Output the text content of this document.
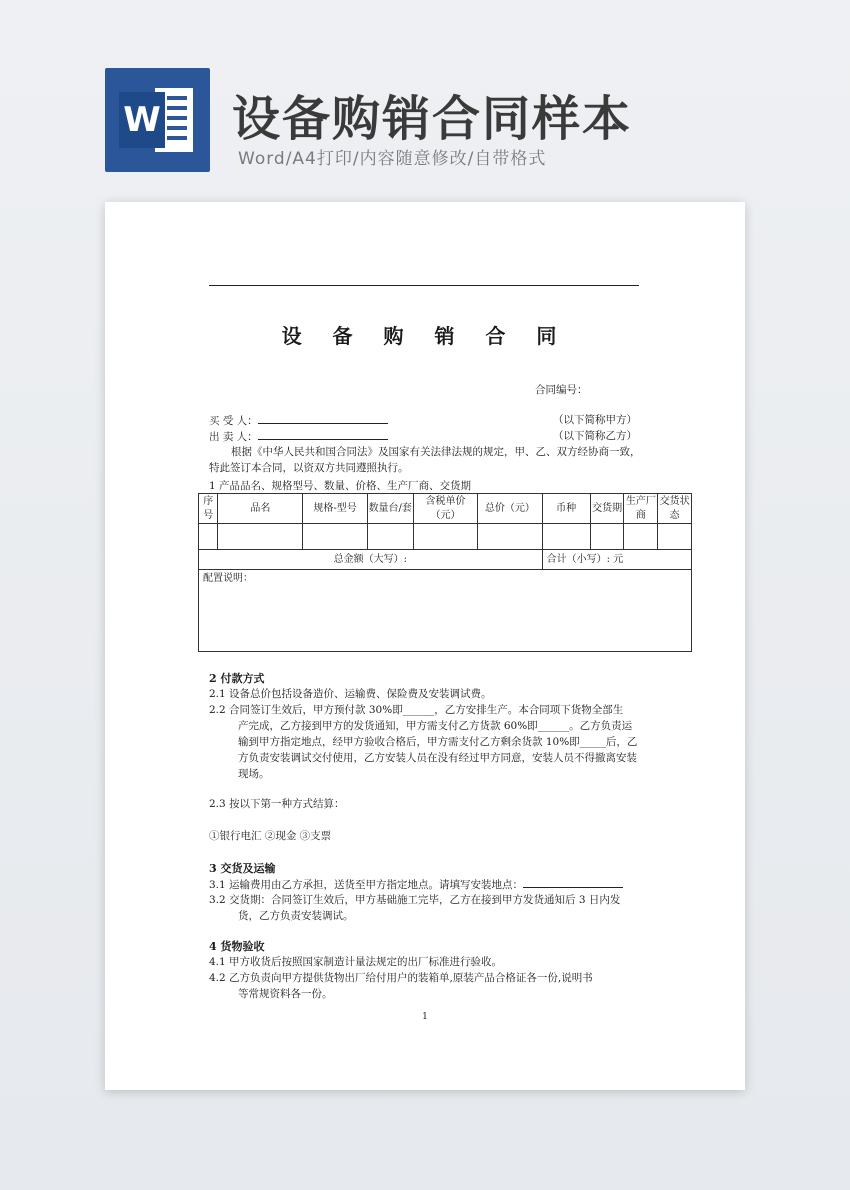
W 设备购销合同样本
Word/A4打印/内容随意修改/自带格式
设 备 购 销 合 同
合同编号：
买 受 人：	（以下简称甲方）
出 卖 人：	（以下简称乙方）
根据《中华人民共和国合同法》及国家有关法律法规的规定，甲、乙、双方经协商一致，
特此签订本合同，以资双方共同遵照执行。
1 产品品名、规格型号、数量、价格、生产厂商、交货期
序号	品名	规格-型号	数量台/套	含税单价（元）	总价（元）	币种	交货期	生产厂商	交货状态

总金额（大写）:						合计（小写）: 元			
配置说明：									
2 付款方式
2.1 设备总价包括设备造价、运输费、保险费及安装调试费。
2.2 合同签订生效后，甲方预付款 30%即______，乙方安排生产。本合同项下货物全部生
产完成，乙方接到甲方的发货通知，甲方需支付乙方货款 60%即______。乙方负责运
输到甲方指定地点，经甲方验收合格后，甲方需支付乙方剩余货款 10%即_____后，乙
方负责安装调试交付使用，乙方安装人员在没有经过甲方同意，安装人员不得撤离安装
现场。
2.3 按以下第一种方式结算：
①银行电汇 ②现金 ③支票
3 交货及运输
3.1 运输费用由乙方承担，送货至甲方指定地点。请填写安装地点：
3.2 交货期：合同签订生效后，甲方基础施工完毕，乙方在接到甲方发货通知后 3 日内发
货，乙方负责安装调试。
4 货物验收
4.1 甲方收货后按照国家制造计量法规定的出厂标准进行验收。
4.2 乙方负责向甲方提供货物出厂给付用户的装箱单,原装产品合格证各一份,说明书
等常规资料各一份。
1
